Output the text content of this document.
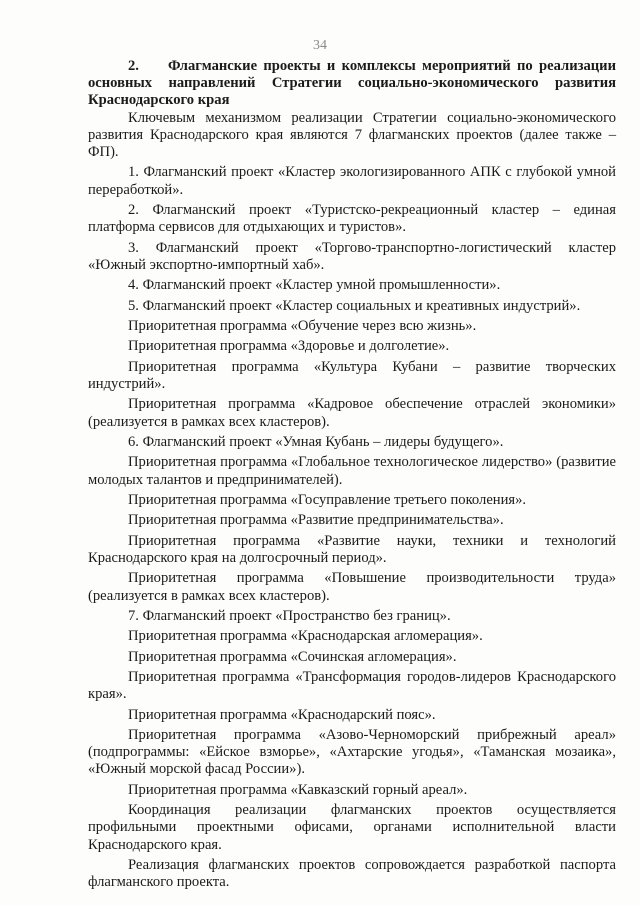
34
2. Флагманские проекты и комплексы мероприятий по реализации основных направлений Стратегии социально-экономического развития Краснодарского края

Ключевым механизмом реализации Стратегии социально-экономического развития Краснодарского края являются 7 флагманских проектов (далее также – ФП).

1. Флагманский проект «Кластер экологизированного АПК с глубокой умной переработкой».

2. Флагманский проект «Туристско-рекреационный кластер – единая платформа сервисов для отдыхающих и туристов».

3. Флагманский проект «Торгово-транспортно-логистический кластер «Южный экспортно-импортный хаб».

4. Флагманский проект «Кластер умной промышленности».

5. Флагманский проект «Кластер социальных и креативных индустрий».

Приоритетная программа «Обучение через всю жизнь».

Приоритетная программа «Здоровье и долголетие».

Приоритетная программа «Культура Кубани – развитие творческих индустрий».

Приоритетная программа «Кадровое обеспечение отраслей экономики» (реализуется в рамках всех кластеров).

6. Флагманский проект «Умная Кубань – лидеры будущего».

Приоритетная программа «Глобальное технологическое лидерство» (развитие молодых талантов и предпринимателей).

Приоритетная программа «Госуправление третьего поколения».

Приоритетная программа «Развитие предпринимательства».

Приоритетная программа «Развитие науки, техники и технологий Краснодарского края на долгосрочный период».

Приоритетная программа «Повышение производительности труда» (реализуется в рамках всех кластеров).

7. Флагманский проект «Пространство без границ».

Приоритетная программа «Краснодарская агломерация».

Приоритетная программа «Сочинская агломерация».

Приоритетная программа «Трансформация городов-лидеров Краснодарского края».

Приоритетная программа «Краснодарский пояс».

Приоритетная программа «Азово-Черноморский прибрежный ареал» (подпрограммы: «Ейское взморье», «Ахтарские угодья», «Таманская мозаика», «Южный морской фасад России»).

Приоритетная программа «Кавказский горный ареал».

Координация реализации флагманских проектов осуществляется профильными проектными офисами, органами исполнительной власти Краснодарского края.

Реализация флагманских проектов сопровождается разработкой паспорта флагманского проекта.
